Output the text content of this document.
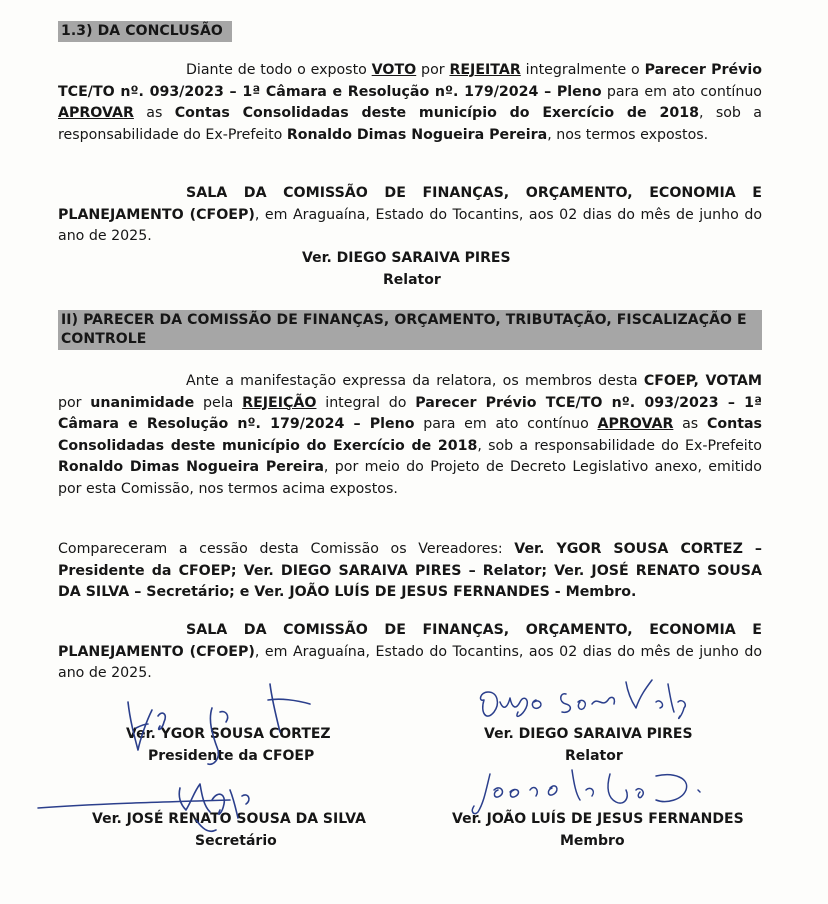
1.3) DA CONCLUSÃO
Diante de todo o exposto VOTO por REJEITAR integralmente o Parecer Prévio TCE/TO nº. 093/2023 – 1ª Câmara e Resolução nº. 179/2024 – Pleno para em ato contínuo APROVAR as Contas Consolidadas deste município do Exercício de 2018, sob a responsabilidade do Ex-Prefeito Ronaldo Dimas Nogueira Pereira, nos termos expostos.
SALA DA COMISSÃO DE FINANÇAS, ORÇAMENTO, ECONOMIA E PLANEJAMENTO (CFOEP), em Araguaína, Estado do Tocantins, aos 02 dias do mês de junho do ano de 2025.
Ver. DIEGO SARAIVA PIRES
Relator
II) PARECER DA COMISSÃO DE FINANÇAS, ORÇAMENTO, TRIBUTAÇÃO, FISCALIZAÇÃO E CONTROLE
Ante a manifestação expressa da relatora, os membros desta CFOEP, VOTAM por unanimidade pela REJEIÇÃO integral do Parecer Prévio TCE/TO nº. 093/2023 – 1ª Câmara e Resolução nº. 179/2024 – Pleno para em ato contínuo APROVAR as Contas Consolidadas deste município do Exercício de 2018, sob a responsabilidade do Ex-Prefeito Ronaldo Dimas Nogueira Pereira, por meio do Projeto de Decreto Legislativo anexo, emitido por esta Comissão, nos termos acima expostos.
Compareceram a cessão desta Comissão os Vereadores: Ver. YGOR SOUSA CORTEZ – Presidente da CFOEP; Ver. DIEGO SARAIVA PIRES – Relator; Ver. JOSÉ RENATO SOUSA DA SILVA – Secretário; e Ver. JOÃO LUÍS DE JESUS FERNANDES - Membro.
SALA DA COMISSÃO DE FINANÇAS, ORÇAMENTO, ECONOMIA E PLANEJAMENTO (CFOEP), em Araguaína, Estado do Tocantins, aos 02 dias do mês de junho do ano de 2025.
Ver. YGOR SOUSA CORTEZ
Presidente da CFOEP
Ver. DIEGO SARAIVA PIRES
Relator
Ver. JOSÉ RENATO SOUSA DA SILVA
Secretário
Ver. JOÃO LUÍS DE JESUS FERNANDES
Membro
